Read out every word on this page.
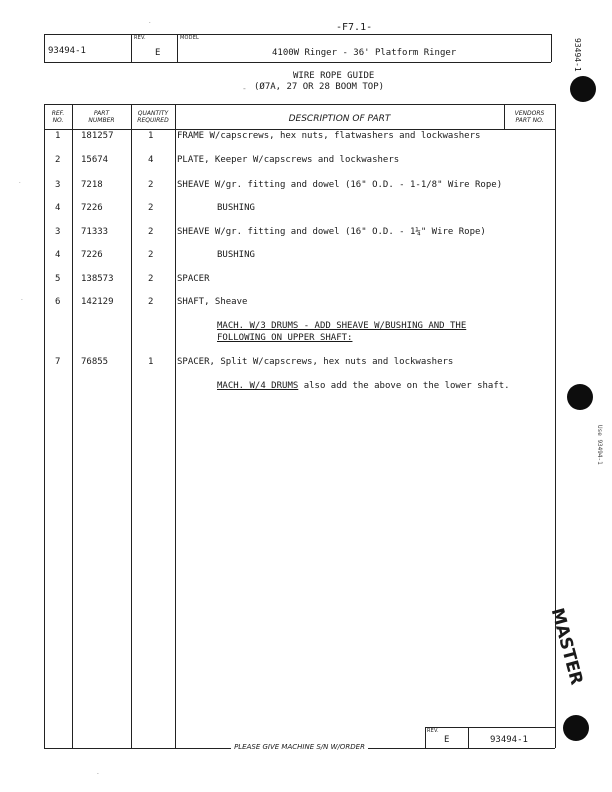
-F7.1-
93494-1
REV.
E
MODEL
4100W Ringer - 36' Platform Ringer
WIRE ROPE GUIDE
(Ø7A, 27 OR 28 BOOM TOP)
-
REF.
NO.
PART
NUMBER
QUANTITY
REQUIRED	DESCRIPTION OF PART
VENDORS
PART NO.
1 181257	1	FRAME W/capscrews, hex nuts, flatwashers and lockwashers
2 15674	4	PLATE, Keeper W/capscrews and lockwashers
3 7218	2	SHEAVE W/gr. fitting and dowel (16" O.D. - 1-1/8" Wire Rope)
4 7226	2	BUSHING
3 71333	2	SHEAVE W/gr. fitting and dowel (16" O.D. - 1¼" Wire Rope)
4 7226	2	BUSHING
5 138573	2	SPACER
6 142129	2	SHAFT, Sheave
MACH. W/3 DRUMS - ADD SHEAVE W/BUSHING AND THE
FOLLOWING ON UPPER SHAFT:
7 76855	1	SPACER, Split W/capscrews, hex nuts and lockwashers
MACH. W/4 DRUMS also add the above on the lower shaft.
REV.
E	93494-1
PLEASE GIVE MACHINE S/N W/ORDER
93494-1
Use 93494-1
MASTER
.
-
.
-
